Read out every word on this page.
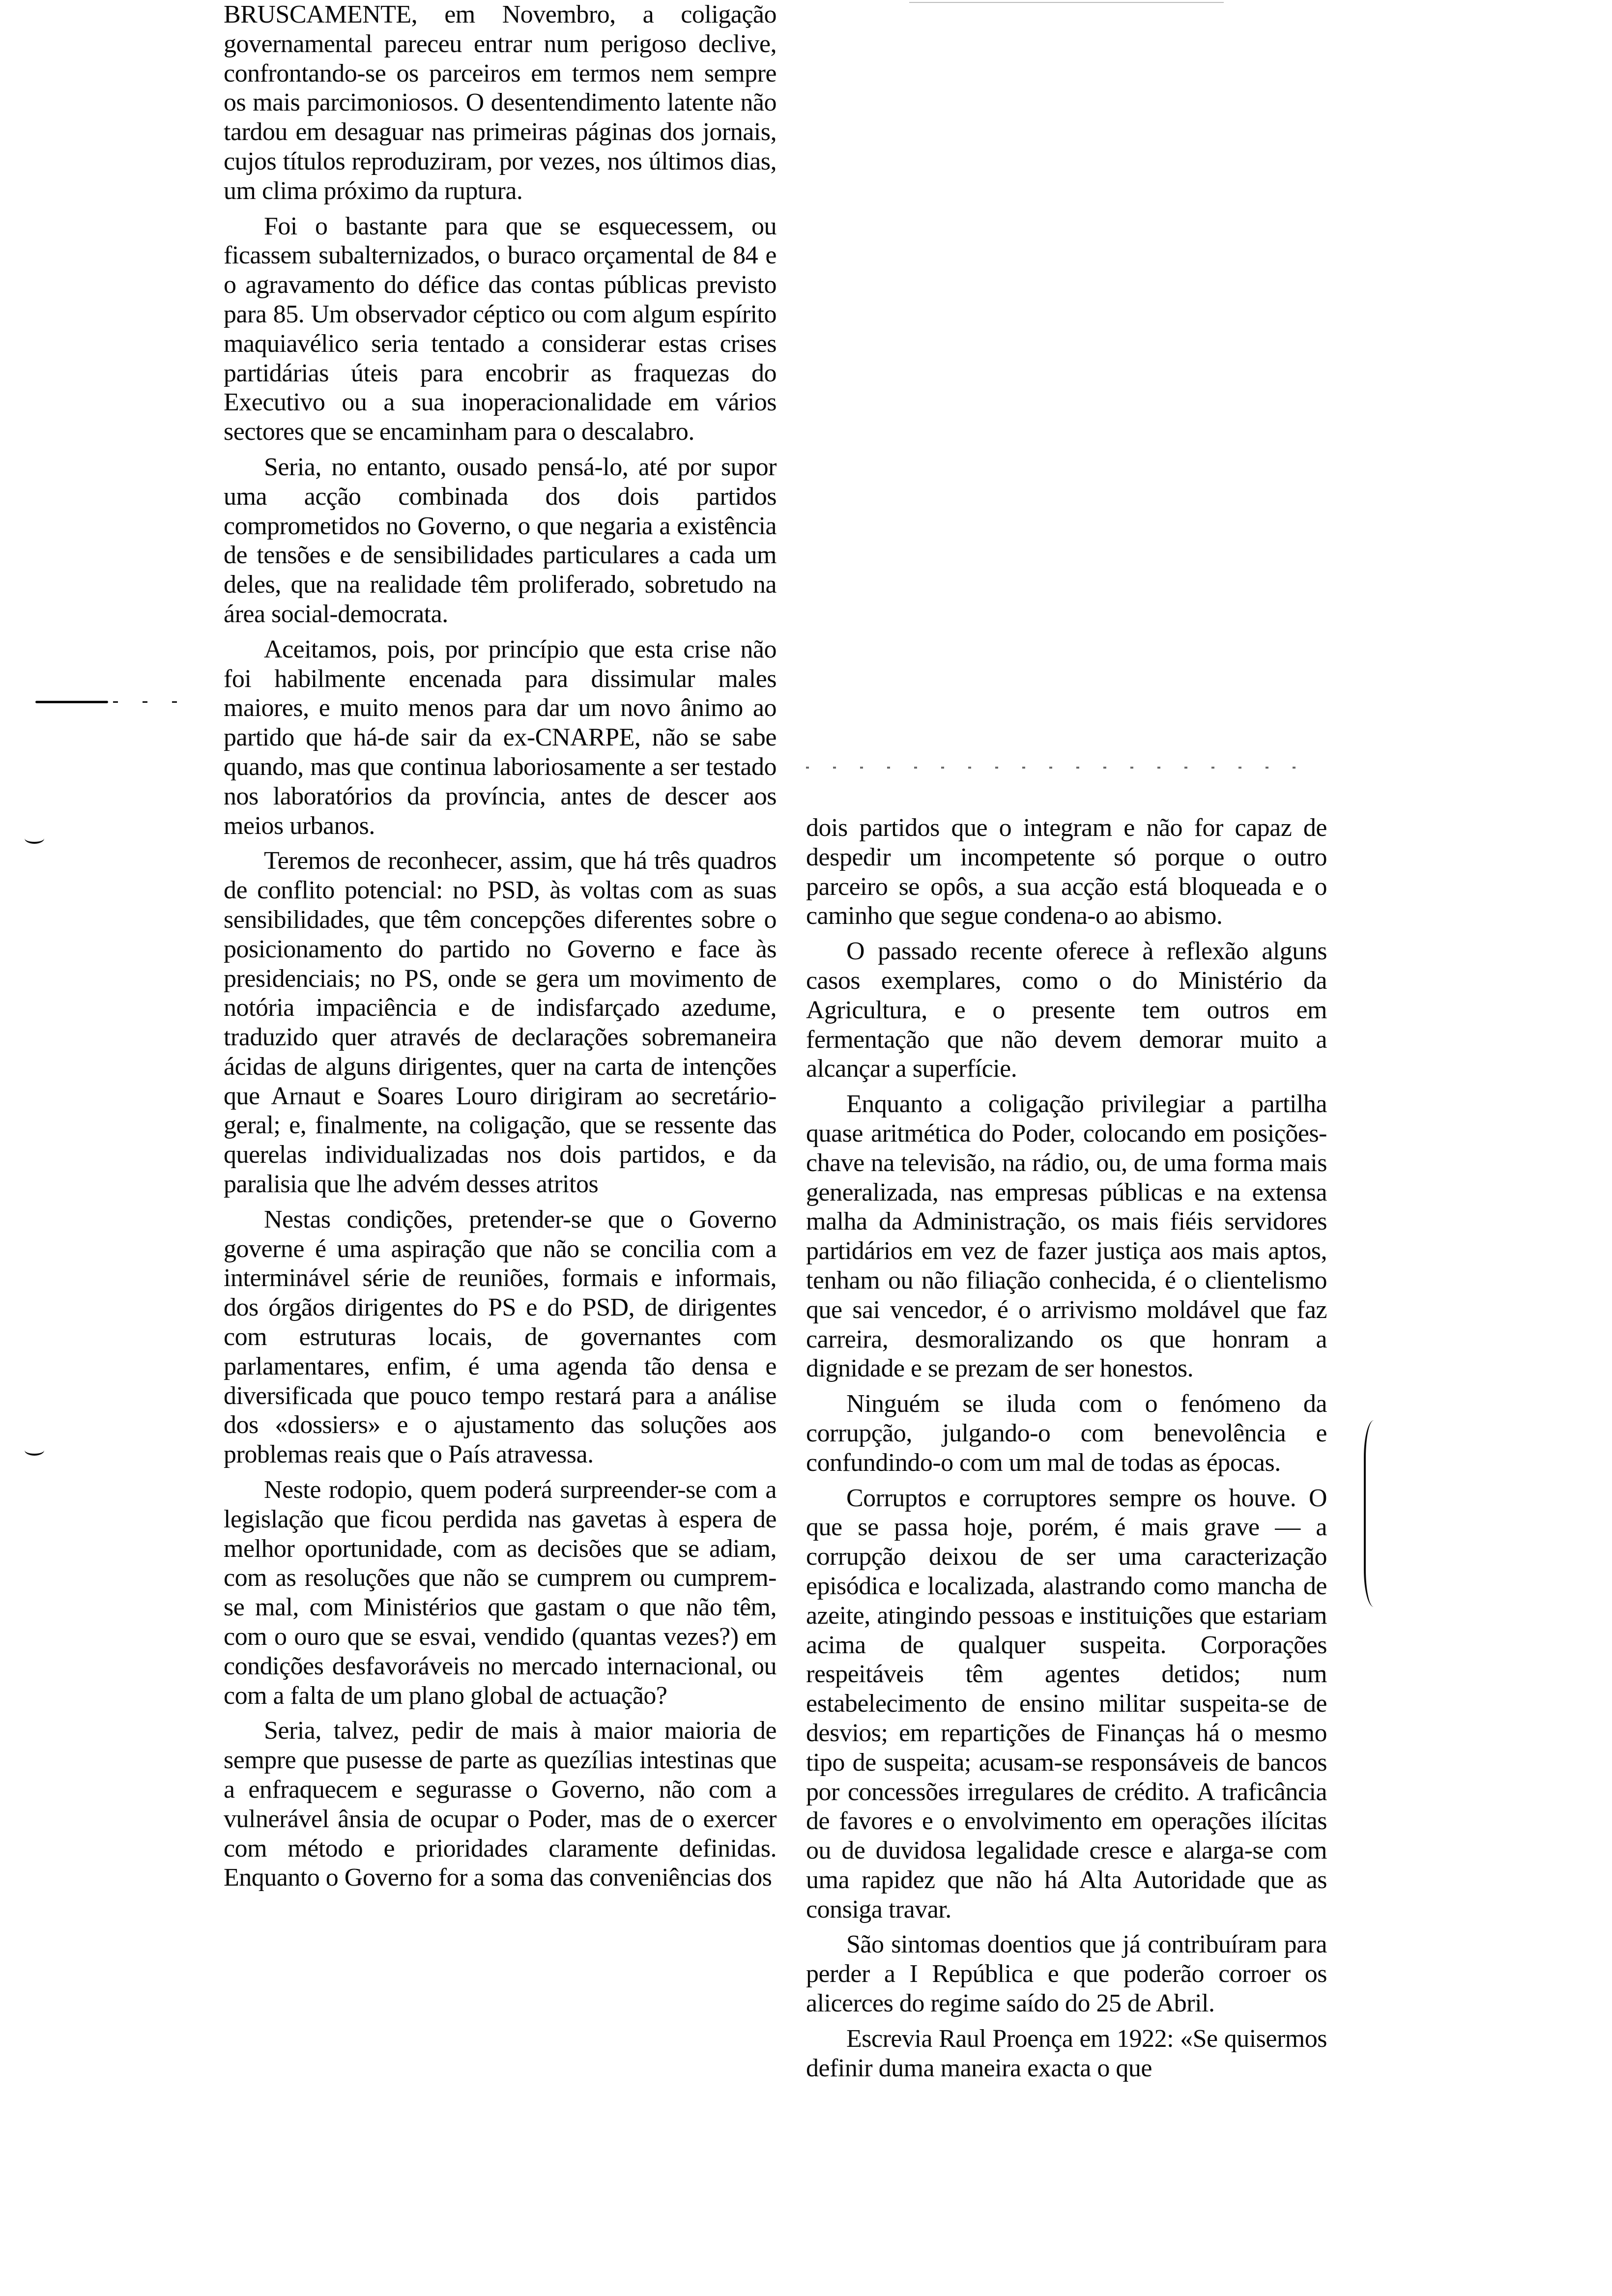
BRUSCAMENTE, em Novembro, a coligação governamental pareceu entrar num perigoso declive, confrontando-se os parceiros em termos nem sempre os mais parcimoniosos. O desentendimento latente não tardou em desaguar nas primeiras páginas dos jornais, cujos títulos reproduziram, por vezes, nos últimos dias, um clima próximo da ruptura.

Foi o bastante para que se esquecessem, ou ficassem subalternizados, o buraco orçamental de 84 e o agravamento do défice das contas públicas previsto para 85. Um observador céptico ou com algum espírito maquiavélico seria tentado a considerar estas crises partidárias úteis para encobrir as fraquezas do Executivo ou a sua inoperacionalidade em vários sectores que se encaminham para o descalabro.

Seria, no entanto, ousado pensá-lo, até por supor uma acção combinada dos dois partidos comprometidos no Governo, o que negaria a existência de tensões e de sensibilidades particulares a cada um deles, que na realidade têm proliferado, sobretudo na área social-democrata.

Aceitamos, pois, por princípio que esta crise não foi habilmente encenada para dissimular males maiores, e muito menos para dar um novo ânimo ao partido que há-de sair da ex-CNARPE, não se sabe quando, mas que continua laboriosamente a ser testado nos laboratórios da província, antes de descer aos meios urbanos.

Teremos de reconhecer, assim, que há três quadros de conflito potencial: no PSD, às voltas com as suas sensibilidades, que têm concepções diferentes sobre o posicionamento do partido no Governo e face às presidenciais; no PS, onde se gera um movimento de notória impaciência e de indisfarçado azedume, traduzido quer através de declarações sobremaneira ácidas de alguns dirigentes, quer na carta de intenções que Arnaut e Soares Louro dirigiram ao secretário-geral; e, finalmente, na coligação, que se ressente das querelas individualizadas nos dois partidos, e da paralisia que lhe advém desses atritos

Nestas condições, pretender-se que o Governo governe é uma aspiração que não se concilia com a interminável série de reuniões, formais e informais, dos órgãos dirigentes do PS e do PSD, de dirigentes com estruturas locais, de governantes com parlamentares, enfim, é uma agenda tão densa e diversificada que pouco tempo restará para a análise dos «dossiers» e o ajustamento das soluções aos problemas reais que o País atravessa.

Neste rodopio, quem poderá surpreender-se com a legislação que ficou perdida nas gavetas à espera de melhor oportunidade, com as decisões que se adiam, com as resoluções que não se cumprem ou cumprem-se mal, com Ministérios que gastam o que não têm, com o ouro que se esvai, vendido (quantas vezes?) em condições desfavoráveis no mercado internacional, ou com a falta de um plano global de actuação?

Seria, talvez, pedir de mais à maior maioria de sempre que pusesse de parte as quezílias intestinas que a enfraquecem e segurasse o Governo, não com a vulnerável ânsia de ocupar o Poder, mas de o exercer com método e prioridades claramente definidas. Enquanto o Governo for a soma das conveniências dos

dois partidos que o integram e não for capaz de despedir um incompetente só porque o outro parceiro se opôs, a sua acção está bloqueada e o caminho que segue condena-o ao abismo.

O passado recente oferece à reflexão alguns casos exemplares, como o do Ministério da Agricultura, e o presente tem outros em fermentação que não devem demorar muito a alcançar a superfície.

Enquanto a coligação privilegiar a partilha quase aritmética do Poder, colocando em posições-chave na televisão, na rádio, ou, de uma forma mais generalizada, nas empresas públicas e na extensa malha da Administração, os mais fiéis servidores partidários em vez de fazer justiça aos mais aptos, tenham ou não filiação conhecida, é o clientelismo que sai vencedor, é o arrivismo moldável que faz carreira, desmoralizando os que honram a dignidade e se prezam de ser honestos.

Ninguém se iluda com o fenómeno da corrupção, julgando-o com benevolência e confundindo-o com um mal de todas as épocas.

Corruptos e corruptores sempre os houve. O que se passa hoje, porém, é mais grave — a corrupção deixou de ser uma caracterização episódica e localizada, alastrando como mancha de azeite, atingindo pessoas e instituições que estariam acima de qualquer suspeita. Corporações respeitáveis têm agentes detidos; num estabelecimento de ensino militar suspeita-se de desvios; em repartições de Finanças há o mesmo tipo de suspeita; acusam-se responsáveis de bancos por concessões irregulares de crédito. A traficância de favores e o envolvimento em operações ilícitas ou de duvidosa legalidade cresce e alarga-se com uma rapidez que não há Alta Autoridade que as consiga travar.

São sintomas doentios que já contribuíram para perder a I República e que poderão corroer os alicerces do regime saído do 25 de Abril.

Escrevia Raul Proença em 1922: «Se quisermos definir duma maneira exacta o que
